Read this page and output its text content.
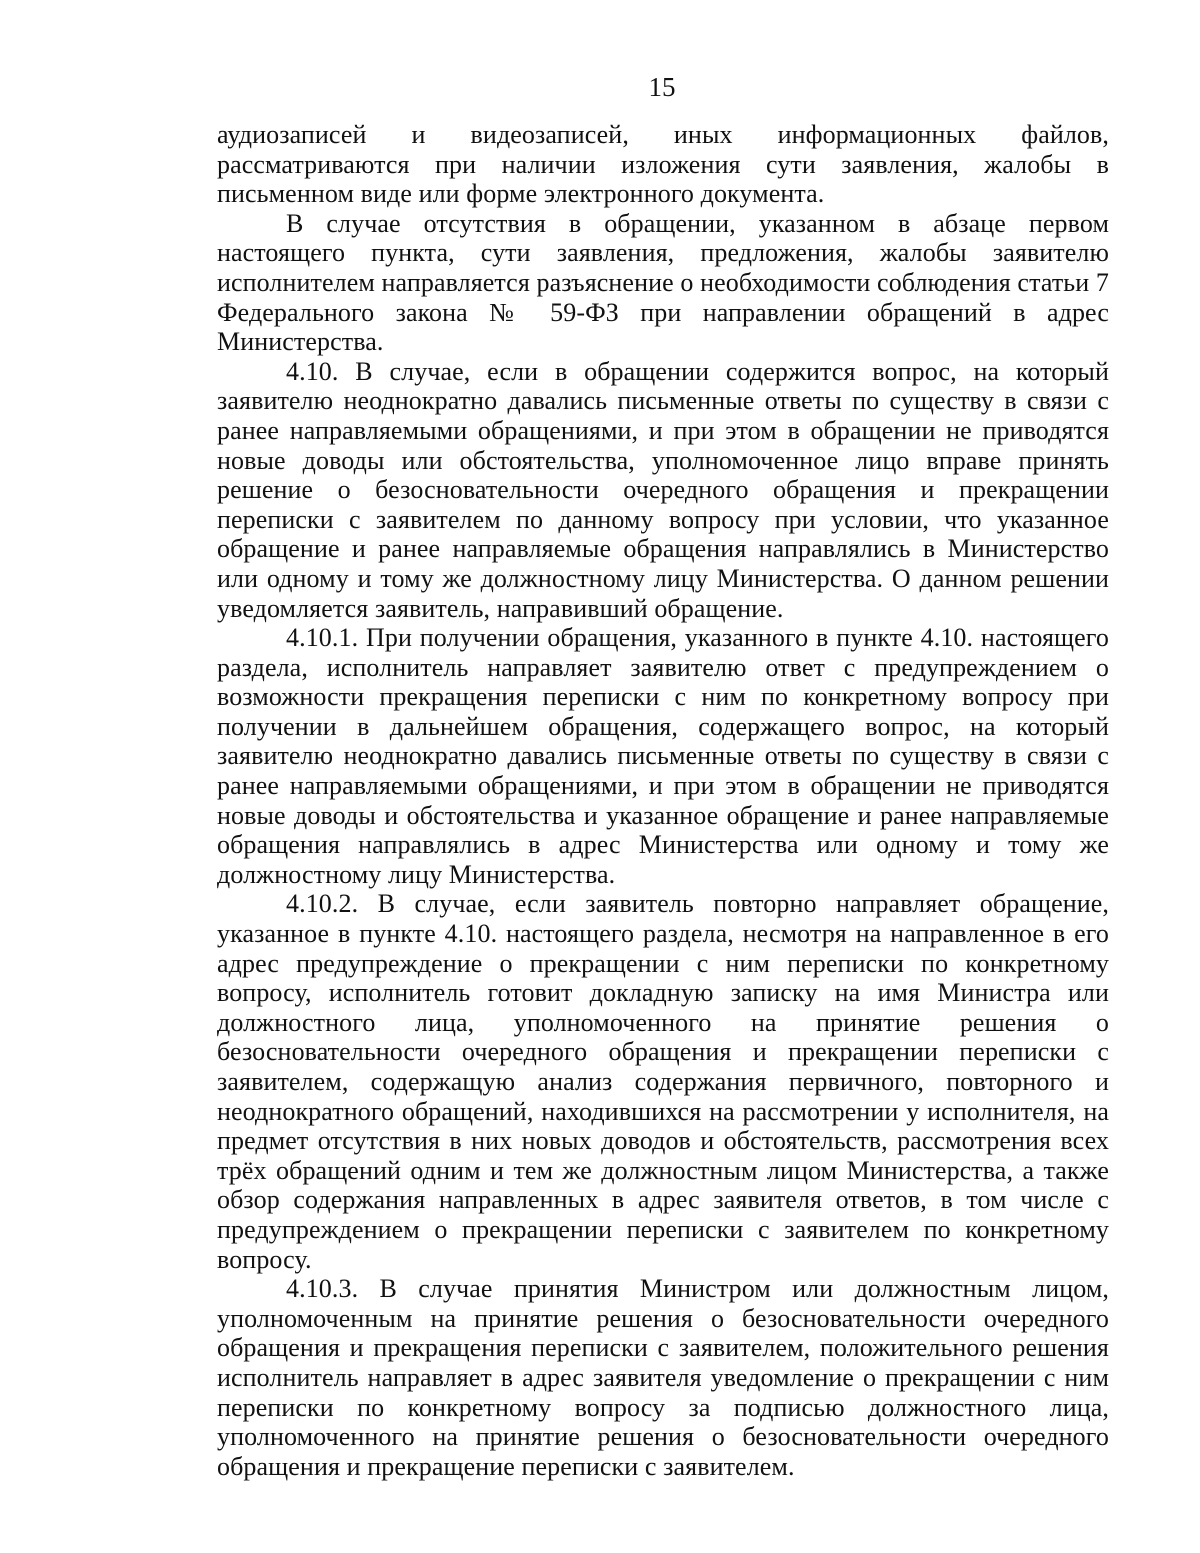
15

аудиозаписей и видеозаписей, иных информационных файлов, рассматриваются при наличии изложения сути заявления, жалобы в письменном виде или форме электронного документа.

В случае отсутствия в обращении, указанном в абзаце первом настоящего пункта, сути заявления, предложения, жалобы заявителю исполнителем направляется разъяснение о необходимости соблюдения статьи 7 Федерального закона № 59-ФЗ при направлении обращений в адрес Министерства.

4.10. В случае, если в обращении содержится вопрос, на который заявителю неоднократно давались письменные ответы по существу в связи с ранее направляемыми обращениями, и при этом в обращении не приводятся новые доводы или обстоятельства, уполномоченное лицо вправе принять решение о безосновательности очередного обращения и прекращении переписки с заявителем по данному вопросу при условии, что указанное обращение и ранее направляемые обращения направлялись в Министерство или одному и тому же должностному лицу Министерства. О данном решении уведомляется заявитель, направивший обращение.

4.10.1. При получении обращения, указанного в пункте 4.10. настоящего раздела, исполнитель направляет заявителю ответ с предупреждением о возможности прекращения переписки с ним по конкретному вопросу при получении в дальнейшем обращения, содержащего вопрос, на который заявителю неоднократно давались письменные ответы по существу в связи с ранее направляемыми обращениями, и при этом в обращении не приводятся новые доводы и обстоятельства и указанное обращение и ранее направляемые обращения направлялись в адрес Министерства или одному и тому же должностному лицу Министерства.

4.10.2. В случае, если заявитель повторно направляет обращение, указанное в пункте 4.10. настоящего раздела, несмотря на направленное в его адрес предупреждение о прекращении с ним переписки по конкретному вопросу, исполнитель готовит докладную записку на имя Министра или должностного лица, уполномоченного на принятие решения о безосновательности очередного обращения и прекращении переписки с заявителем, содержащую анализ содержания первичного, повторного и неоднократного обращений, находившихся на рассмотрении у исполнителя, на предмет отсутствия в них новых доводов и обстоятельств, рассмотрения всех трёх обращений одним и тем же должностным лицом Министерства, а также обзор содержания направленных в адрес заявителя ответов, в том числе с предупреждением о прекращении переписки с заявителем по конкретному вопросу.

4.10.3. В случае принятия Министром или должностным лицом, уполномоченным на принятие решения о безосновательности очередного обращения и прекращения переписки с заявителем, положительного решения исполнитель направляет в адрес заявителя уведомление о прекращении с ним переписки по конкретному вопросу за подписью должностного лица, уполномоченного на принятие решения о безосновательности очередного обращения и прекращение переписки с заявителем.
